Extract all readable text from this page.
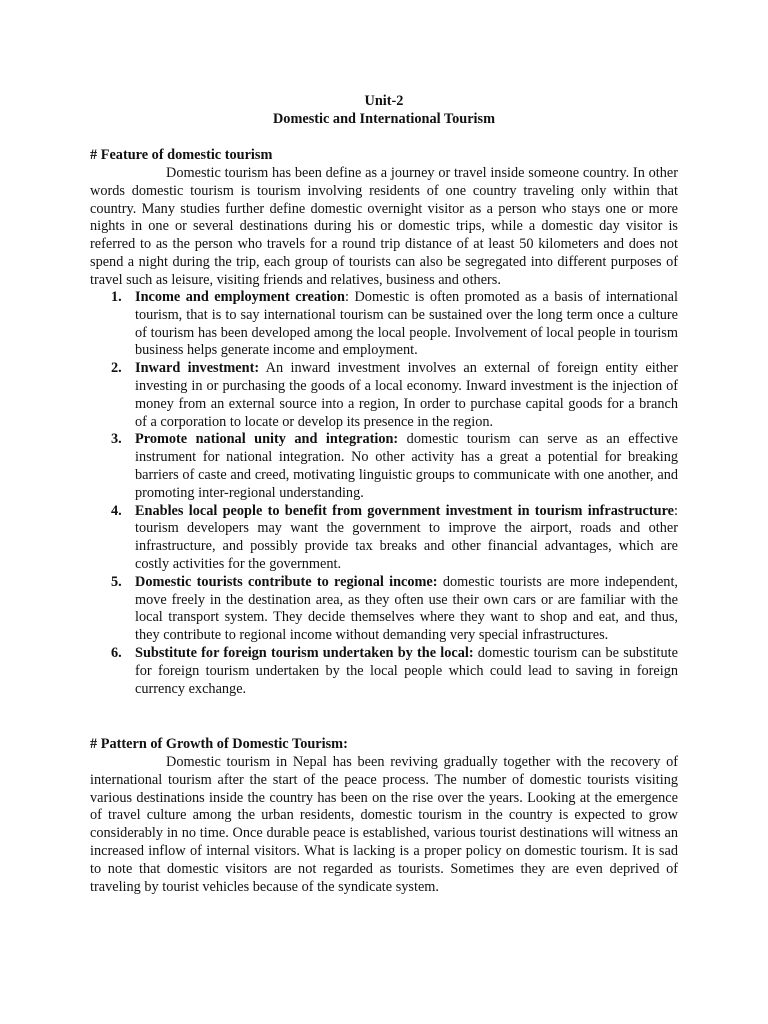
Unit-2
Domestic and International Tourism
# Feature of domestic tourism
Domestic tourism has been define as a journey or travel inside someone country. In other words domestic tourism is tourism involving residents of one country traveling only within that country. Many studies further define domestic overnight visitor as a person who stays one or more nights in one or several destinations during his or domestic trips, while a domestic day visitor is referred to as the person who travels for a round trip distance of at least 50 kilometers and does not spend a night during the trip, each group of tourists can also be segregated into different purposes of travel such as leisure, visiting friends and relatives, business and others.
1. Income and employment creation: Domestic is often promoted as a basis of international tourism, that is to say international tourism can be sustained over the long term once a culture of tourism has been developed among the local people. Involvement of local people in tourism business helps generate income and employment.
2. Inward investment: An inward investment involves an external of foreign entity either investing in or purchasing the goods of a local economy. Inward investment is the injection of money from an external source into a region, In order to purchase capital goods for a branch of a corporation to locate or develop its presence in the region.
3. Promote national unity and integration: domestic tourism can serve as an effective instrument for national integration. No other activity has a great a potential for breaking barriers of caste and creed, motivating linguistic groups to communicate with one another, and promoting inter-regional understanding.
4. Enables local people to benefit from government investment in tourism infrastructure: tourism developers may want the government to improve the airport, roads and other infrastructure, and possibly provide tax breaks and other financial advantages, which are costly activities for the government.
5. Domestic tourists contribute to regional income: domestic tourists are more independent, move freely in the destination area, as they often use their own cars or are familiar with the local transport system. They decide themselves where they want to shop and eat, and thus, they contribute to regional income without demanding very special infrastructures.
6. Substitute for foreign tourism undertaken by the local: domestic tourism can be substitute for foreign tourism undertaken by the local people which could lead to saving in foreign currency exchange.
# Pattern of Growth of Domestic Tourism:
Domestic tourism in Nepal has been reviving gradually together with the recovery of international tourism after the start of the peace process. The number of domestic tourists visiting various destinations inside the country has been on the rise over the years. Looking at the emergence of travel culture among the urban residents, domestic tourism in the country is expected to grow considerably in no time. Once durable peace is established, various tourist destinations will witness an increased inflow of internal visitors. What is lacking is a proper policy on domestic tourism. It is sad to note that domestic visitors are not regarded as tourists. Sometimes they are even deprived of traveling by tourist vehicles because of the syndicate system.
